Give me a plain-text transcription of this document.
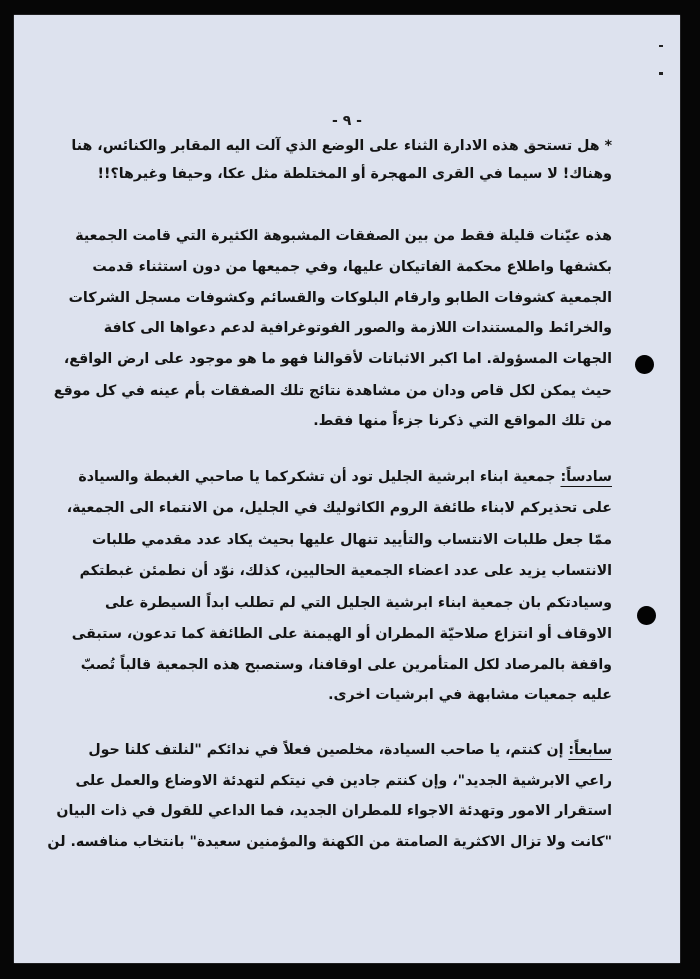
- ٩ -
* هل تستحق هذه الادارة الثناء على الوضع الذي آلت اليه المقابر والكنائس، هنا
وهناك! لا سيما في القرى المهجرة أو المختلطة مثل عكا، وحيفا وغيرها؟!!
هذه عيّنات قليلة فقط من بين الصفقات المشبوهة الكثيرة التي قامت الجمعية
بكشفها واطلاع محكمة الفاتيكان عليها، وفي جميعها من دون استثناء قدمت
الجمعية كشوفات الطابو وارقام البلوكات والقسائم وكشوفات مسجل الشركات
والخرائط والمستندات اللازمة والصور الفوتوغرافية لدعم دعواها الى كافة
الجهات المسؤولة. اما اكبر الاثباتات لأقوالنا فهو ما هو موجود على ارض الواقع،
حيث يمكن لكل قاص ودان من مشاهدة نتائج تلك الصفقات بأم عينه في كل موقع
من تلك المواقع التي ذكرنا جزءاً منها فقط.
سادساً: جمعية ابناء ابرشية الجليل تود أن تشكركما يا صاحبي الغبطة والسيادة
على تحذيركم لابناء طائفة الروم الكاثوليك في الجليل، من الانتماء الى الجمعية،
ممّا جعل طلبات الانتساب والتأييد تنهال عليها بحيث يكاد عدد مقدمي طلبات
الانتساب يزيد على عدد اعضاء الجمعية الحاليين، كذلك، نوّد أن نطمئن غبطتكم
وسيادتكم بان جمعية ابناء ابرشية الجليل التي لم تطلب ابداً السيطرة على
الاوقاف أو انتزاع صلاحيّة المطران أو الهيمنة على الطائفة كما تدعون، ستبقى
واقفة بالمرصاد لكل المتأمرين على اوقافنا، وستصبح هذه الجمعية قالباً تُصبّ
عليه جمعيات مشابهة في ابرشيات اخرى.
سابعاً: إن كنتم، يا صاحب السيادة، مخلصين فعلاً في ندائكم "لنلتف كلنا حول
راعي الابرشية الجديد"، وإن كنتم جادين في نيتكم لتهدئة الاوضاع والعمل على
استقرار الامور وتهدئة الاجواء للمطران الجديد، فما الداعي للقول في ذات البيان
"كانت ولا تزال الاكثرية الصامتة من الكهنة والمؤمنين سعيدة" بانتخاب منافسه. لن
